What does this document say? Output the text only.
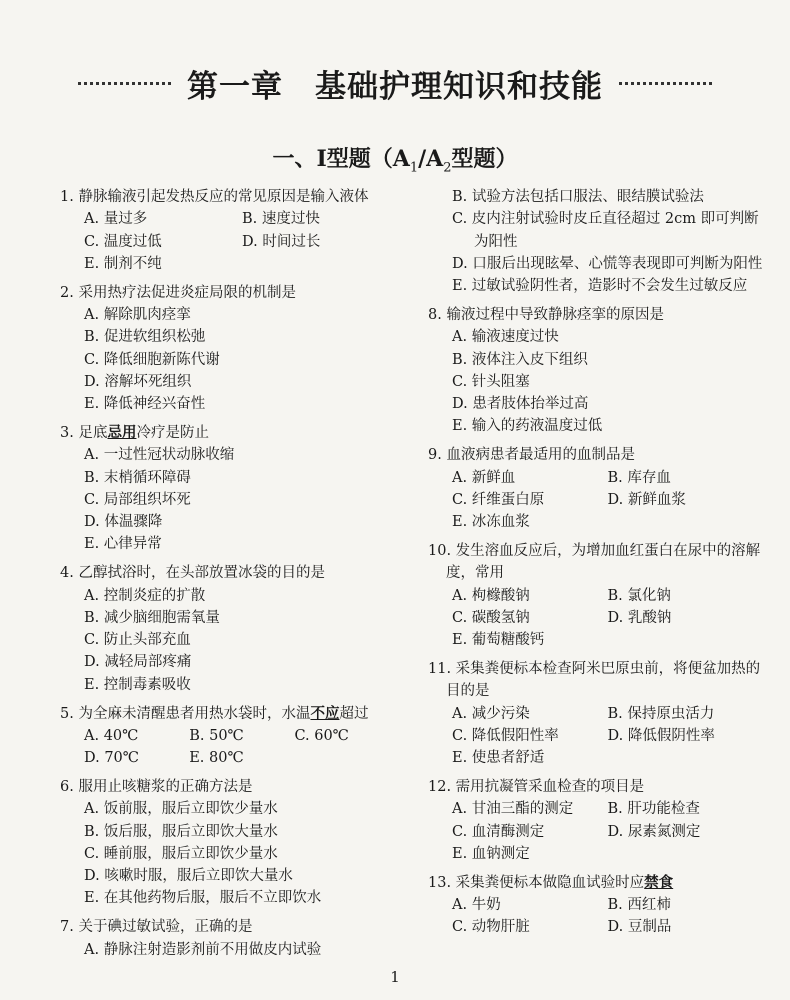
第一章　基础护理知识和技能
一、Ⅰ型题（$A_1/A_2$型题）
1. 静脉输液引起发热反应的常见原因是输入液体
A. 量过多	B. 速度过快
C. 温度过低	D. 时间过长
E. 制剂不纯
2. 采用热疗法促进炎症局限的机制是
A. 解除肌肉痉挛
B. 促进软组织松弛
C. 降低细胞新陈代谢
D. 溶解坏死组织
E. 降低神经兴奋性
3. 足底忌用冷疗是防止
A. 一过性冠状动脉收缩
B. 末梢循环障碍
C. 局部组织坏死
D. 体温骤降
E. 心律异常
4. 乙醇拭浴时，在头部放置冰袋的目的是
A. 控制炎症的扩散
B. 减少脑细胞需氧量
C. 防止头部充血
D. 减轻局部疼痛
E. 控制毒素吸收
5. 为全麻未清醒患者用热水袋时，水温不应超过
A. 40℃	B. 50℃	C. 60℃
D. 70℃	E. 80℃
6. 服用止咳糖浆的正确方法是
A. 饭前服，服后立即饮少量水
B. 饭后服，服后立即饮大量水
C. 睡前服，服后立即饮少量水
D. 咳嗽时服，服后立即饮大量水
E. 在其他药物后服，服后不立即饮水
7. 关于碘过敏试验，正确的是
A. 静脉注射造影剂前不用做皮内试验
B. 试验方法包括口服法、眼结膜试验法
C. 皮内注射试验时皮丘直径超过 2cm 即可判断为阳性
D. 口服后出现眩晕、心慌等表现即可判断为阳性
E. 过敏试验阴性者，造影时不会发生过敏反应
8. 输液过程中导致静脉痉挛的原因是
A. 输液速度过快
B. 液体注入皮下组织
C. 针头阻塞
D. 患者肢体抬举过高
E. 输入的药液温度过低
9. 血液病患者最适用的血制品是
A. 新鲜血	B. 库存血
C. 纤维蛋白原	D. 新鲜血浆
E. 冰冻血浆
10. 发生溶血反应后，为增加血红蛋白在尿中的溶解度，常用
A. 枸橼酸钠	B. 氯化钠
C. 碳酸氢钠	D. 乳酸钠
E. 葡萄糖酸钙
11. 采集粪便标本检查阿米巴原虫前，将便盆加热的目的是
A. 减少污染	B. 保持原虫活力
C. 降低假阳性率	D. 降低假阴性率
E. 使患者舒适
12. 需用抗凝管采血检查的项目是
A. 甘油三酯的测定	B. 肝功能检查
C. 血清酶测定	D. 尿素氮测定
E. 血钠测定
13. 采集粪便标本做隐血试验时应禁食
A. 牛奶	B. 西红柿
C. 动物肝脏	D. 豆制品
1
